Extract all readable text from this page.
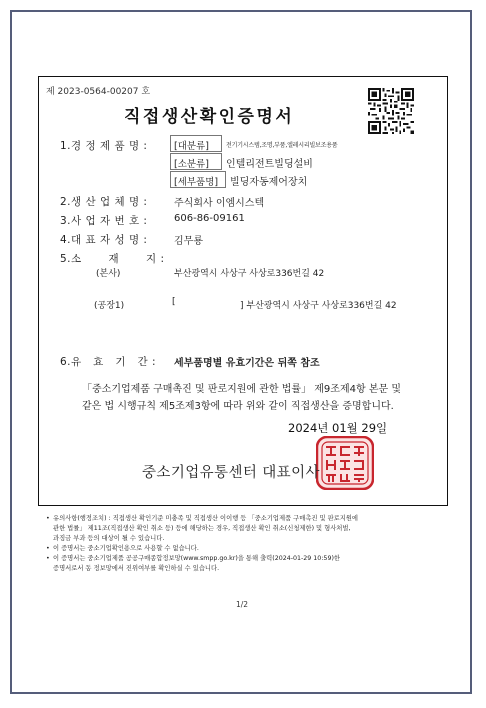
제 2023-0564-00207 호
직접생산확인증명서
1.경 정 제 품 명 :	[대분류]	전기기시스템,조명,부품,엘레시리빌보조용품
[소분류]	인텔리전트빌딩설비
[세부품명]	빌딩자동제어장치
2.생 산 업 체 명 :	주식회사 이엠시스텍
3.사 업 자 번 호 :	606-86-09161
4.대 표 자 성 명 :	김무룡
5.소       재       지 :
(본사)	부산광역시 사상구 사상로336번길 42
(공장1)	[	] 부산광역시 사상구 사상로336번길 42
6.유   효   기   간 : 세부품명별 유효기간은 뒤쪽 참조
「중소기업제품 구매촉진 및 판로지원에 관한 법률」 제9조제4항 본문 및
같은 법 시행규칙 제5조제3항에 따라 위와 같이 직접생산을 증명합니다.
2024년 01월 29일
중소기업유통센터 대표이사
• 유의사항(행정조치) : 직접생산 확인기준 미충족 및 직접생산 이이행 등 「중소기업제품 구매촉진 및 판로지원에
관한 법률」 제11조(직접생산 확인 취소 등) 등에 해당하는 경우, 직접생산 확인 취소(신청제한) 및 형사처벌,
과징금 부과 등의 대상이 될 수 있습니다.
• 이 증명서는 중소기업확인용으로 사용할 수 없습니다.
• 이 증명서는 중소기업제품 공공구매종합정보망(www.smpp.go.kr)을 통해 출력(2024-01-29 10:59)한
증명서로서 동 정보망에서 진위여부를 확인하실 수 있습니다.
1/2
